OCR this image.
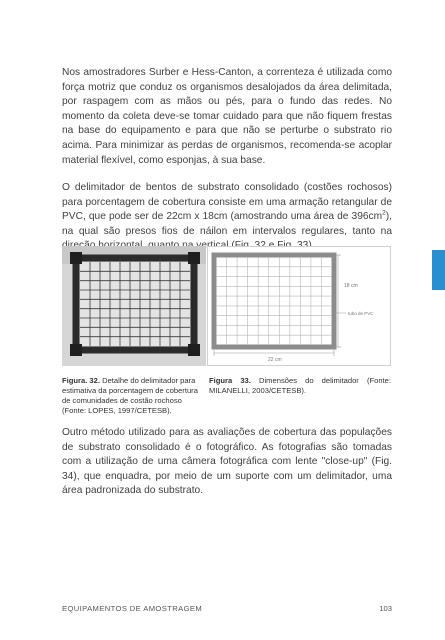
Nos amostradores Surber e Hess-Canton, a correnteza é utilizada como força motriz que conduz os organismos desalojados da área delimitada, por raspagem com as mãos ou pés, para o fundo das redes. No momento da coleta deve-se tomar cuidado para que não fiquem frestas na base do equipamento e para que não se perturbe o substrato rio acima. Para minimizar as perdas de organismos, recomenda-se acoplar material flexível, como esponjas, à sua base.

O delimitador de bentos de substrato consolidado (costões rochosos) para porcentagem de cobertura consiste em uma armação retangular de PVC, que pode ser de 22cm x 18cm (amostrando uma área de $396cm^2$), na qual são presos fios de náilon em intervalos regulares, tanto na

18 cm
tubo de PVC
22 cm
Figura. 32. Detalhe do delimitador para estimativa da porcentagem de cobertura de comunidades de costão rochoso (Fonte: LOPES, 1997/CETESB).
Figura 33. Dimensões do delimitador (Fonte: MILANELLI, 2003/CETESB).

Outro método utilizado para as avaliações de cobertura das populações de substrato consolidado é o fotográfico. As fotografias são tomadas com a utilização de uma câmera fotográfica com lente "close-up" (Fig. 34), que enquadra, por meio de um suporte com um delimitador, uma área padronizada do substrato.

EQUIPAMENTOS DE AMOSTRAGEM	103
